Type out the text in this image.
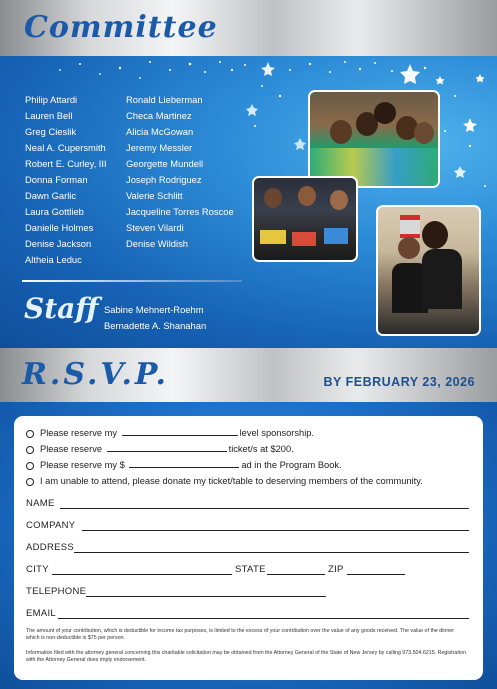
Committee
Philip Attardi
Lauren Bell
Greg Cieslik
Neal A. Cupersmith
Robert E. Curley, III
Donna Forman
Dawn Garlic
Laura Gottlieb
Danielle Holmes
Denise Jackson
Altheia Leduc
Ronald Lieberman
Checa Martinez
Alicia McGowan
Jeremy Messler
Georgette Mundell
Joseph Rodriguez
Valerie Schlitt
Jacqueline Torres Roscoe
Steven Vilardi
Denise Wildish
Staff Sabine Mehnert-Roehm
Bernadette A. Shanahan
R.S.V.P.	BY FEBRUARY 23, 2026
Please reserve my	level sponsorship.
Please reserve	ticket/s at $200.
Please reserve my $	ad in the Program Book.
I am unable to attend, please donate my ticket/table to deserving members of the community.
NAME
COMPANY
ADDRESS
CITY	STATE	ZIP
TELEPHONE
EMAIL
The amount of your contribution, which is deductible for income tax purposes, is limited to the excess of your contribution over the value of any goods received. The value of the dinner which is non-deductible is $75 per person.
Information filed with the attorney general concerning this charitable solicitation may be obtained from the Attorney General of the State of New Jersey by calling 973.504.6215. Registration with the Attorney General does imply endorsement.
